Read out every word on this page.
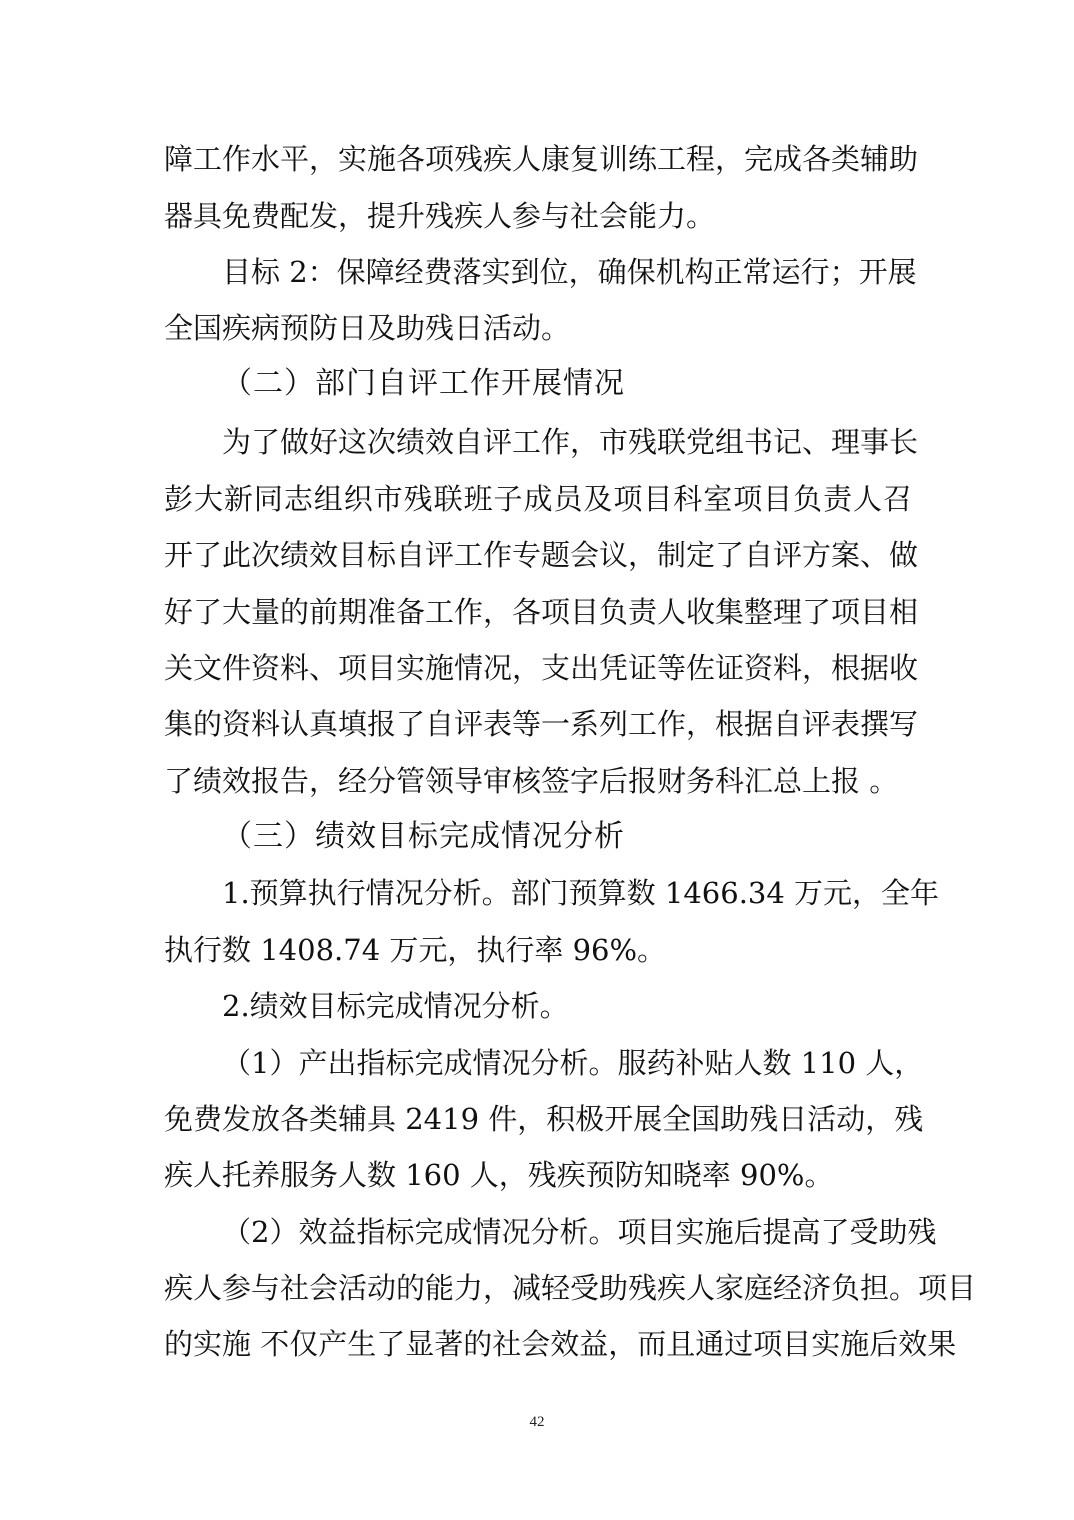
障工作水平，实施各项残疾人康复训练工程，完成各类辅助
器具免费配发，提升残疾人参与社会能力。
目标 2：保障经费落实到位，确保机构正常运行；开展
全国疾病预防日及助残日活动。
（二）部门自评工作开展情况
为了做好这次绩效自评工作，市残联党组书记、理事长
彭大新同志组织市残联班子成员及项目科室项目负责人召
开了此次绩效目标自评工作专题会议，制定了自评方案、做
好了大量的前期准备工作，各项目负责人收集整理了项目相
关文件资料、项目实施情况，支出凭证等佐证资料，根据收
集的资料认真填报了自评表等一系列工作，根据自评表撰写
了绩效报告，经分管领导审核签字后报财务科汇总上报 。
（三）绩效目标完成情况分析
1.预算执行情况分析。部门预算数 1466.34 万元，全年
执行数 1408.74 万元，执行率 96%。
2.绩效目标完成情况分析。
（1）产出指标完成情况分析。服药补贴人数 110 人，
免费发放各类辅具 2419 件，积极开展全国助残日活动，残
疾人托养服务人数 160 人，残疾预防知晓率 90%。
（2）效益指标完成情况分析。项目实施后提高了受助残
疾人参与社会活动的能力，减轻受助残疾人家庭经济负担。项目
的实施 不仅产生了显著的社会效益，而且通过项目实施后效果
42
